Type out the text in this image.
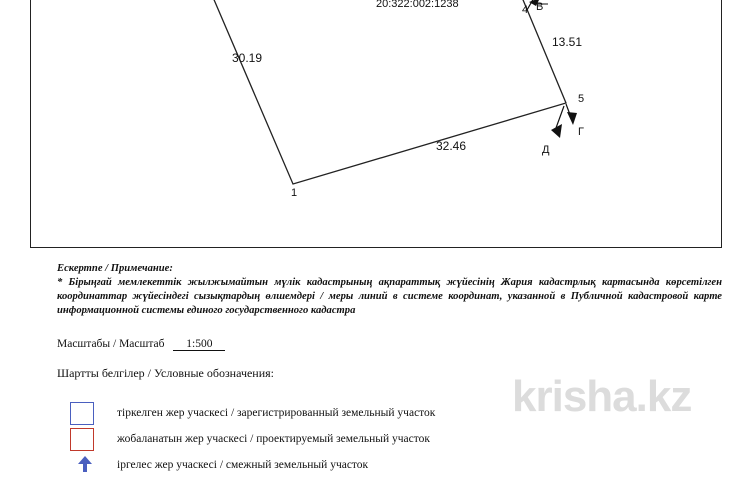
20:322:002:1238
30.19
13.51
32.46
1
4
5
В
Г
Д
Ескертпе / Примечание:
* Бірыңғай мемлекеттік жылжымайтын мүлік кадастрының ақпараттық жүйесінің Жария кадастрлық картасында көрсетілген координаттар жүйесіндегі сызықтардың өлшемдері / меры линий в системе координат, указанной в Публичной кадастровой карте информационной системы единого государственного кадастра
Масштабы / Масштаб 1:500
Шартты белгілер / Условные обозначения:
тіркелген жер учаскесі / зарегистрированный земельный участок
жобаланатын жер учаскесі / проектируемый земельный участок
іргелес жер учаскесі / смежный земельный участок
krisha.kz
